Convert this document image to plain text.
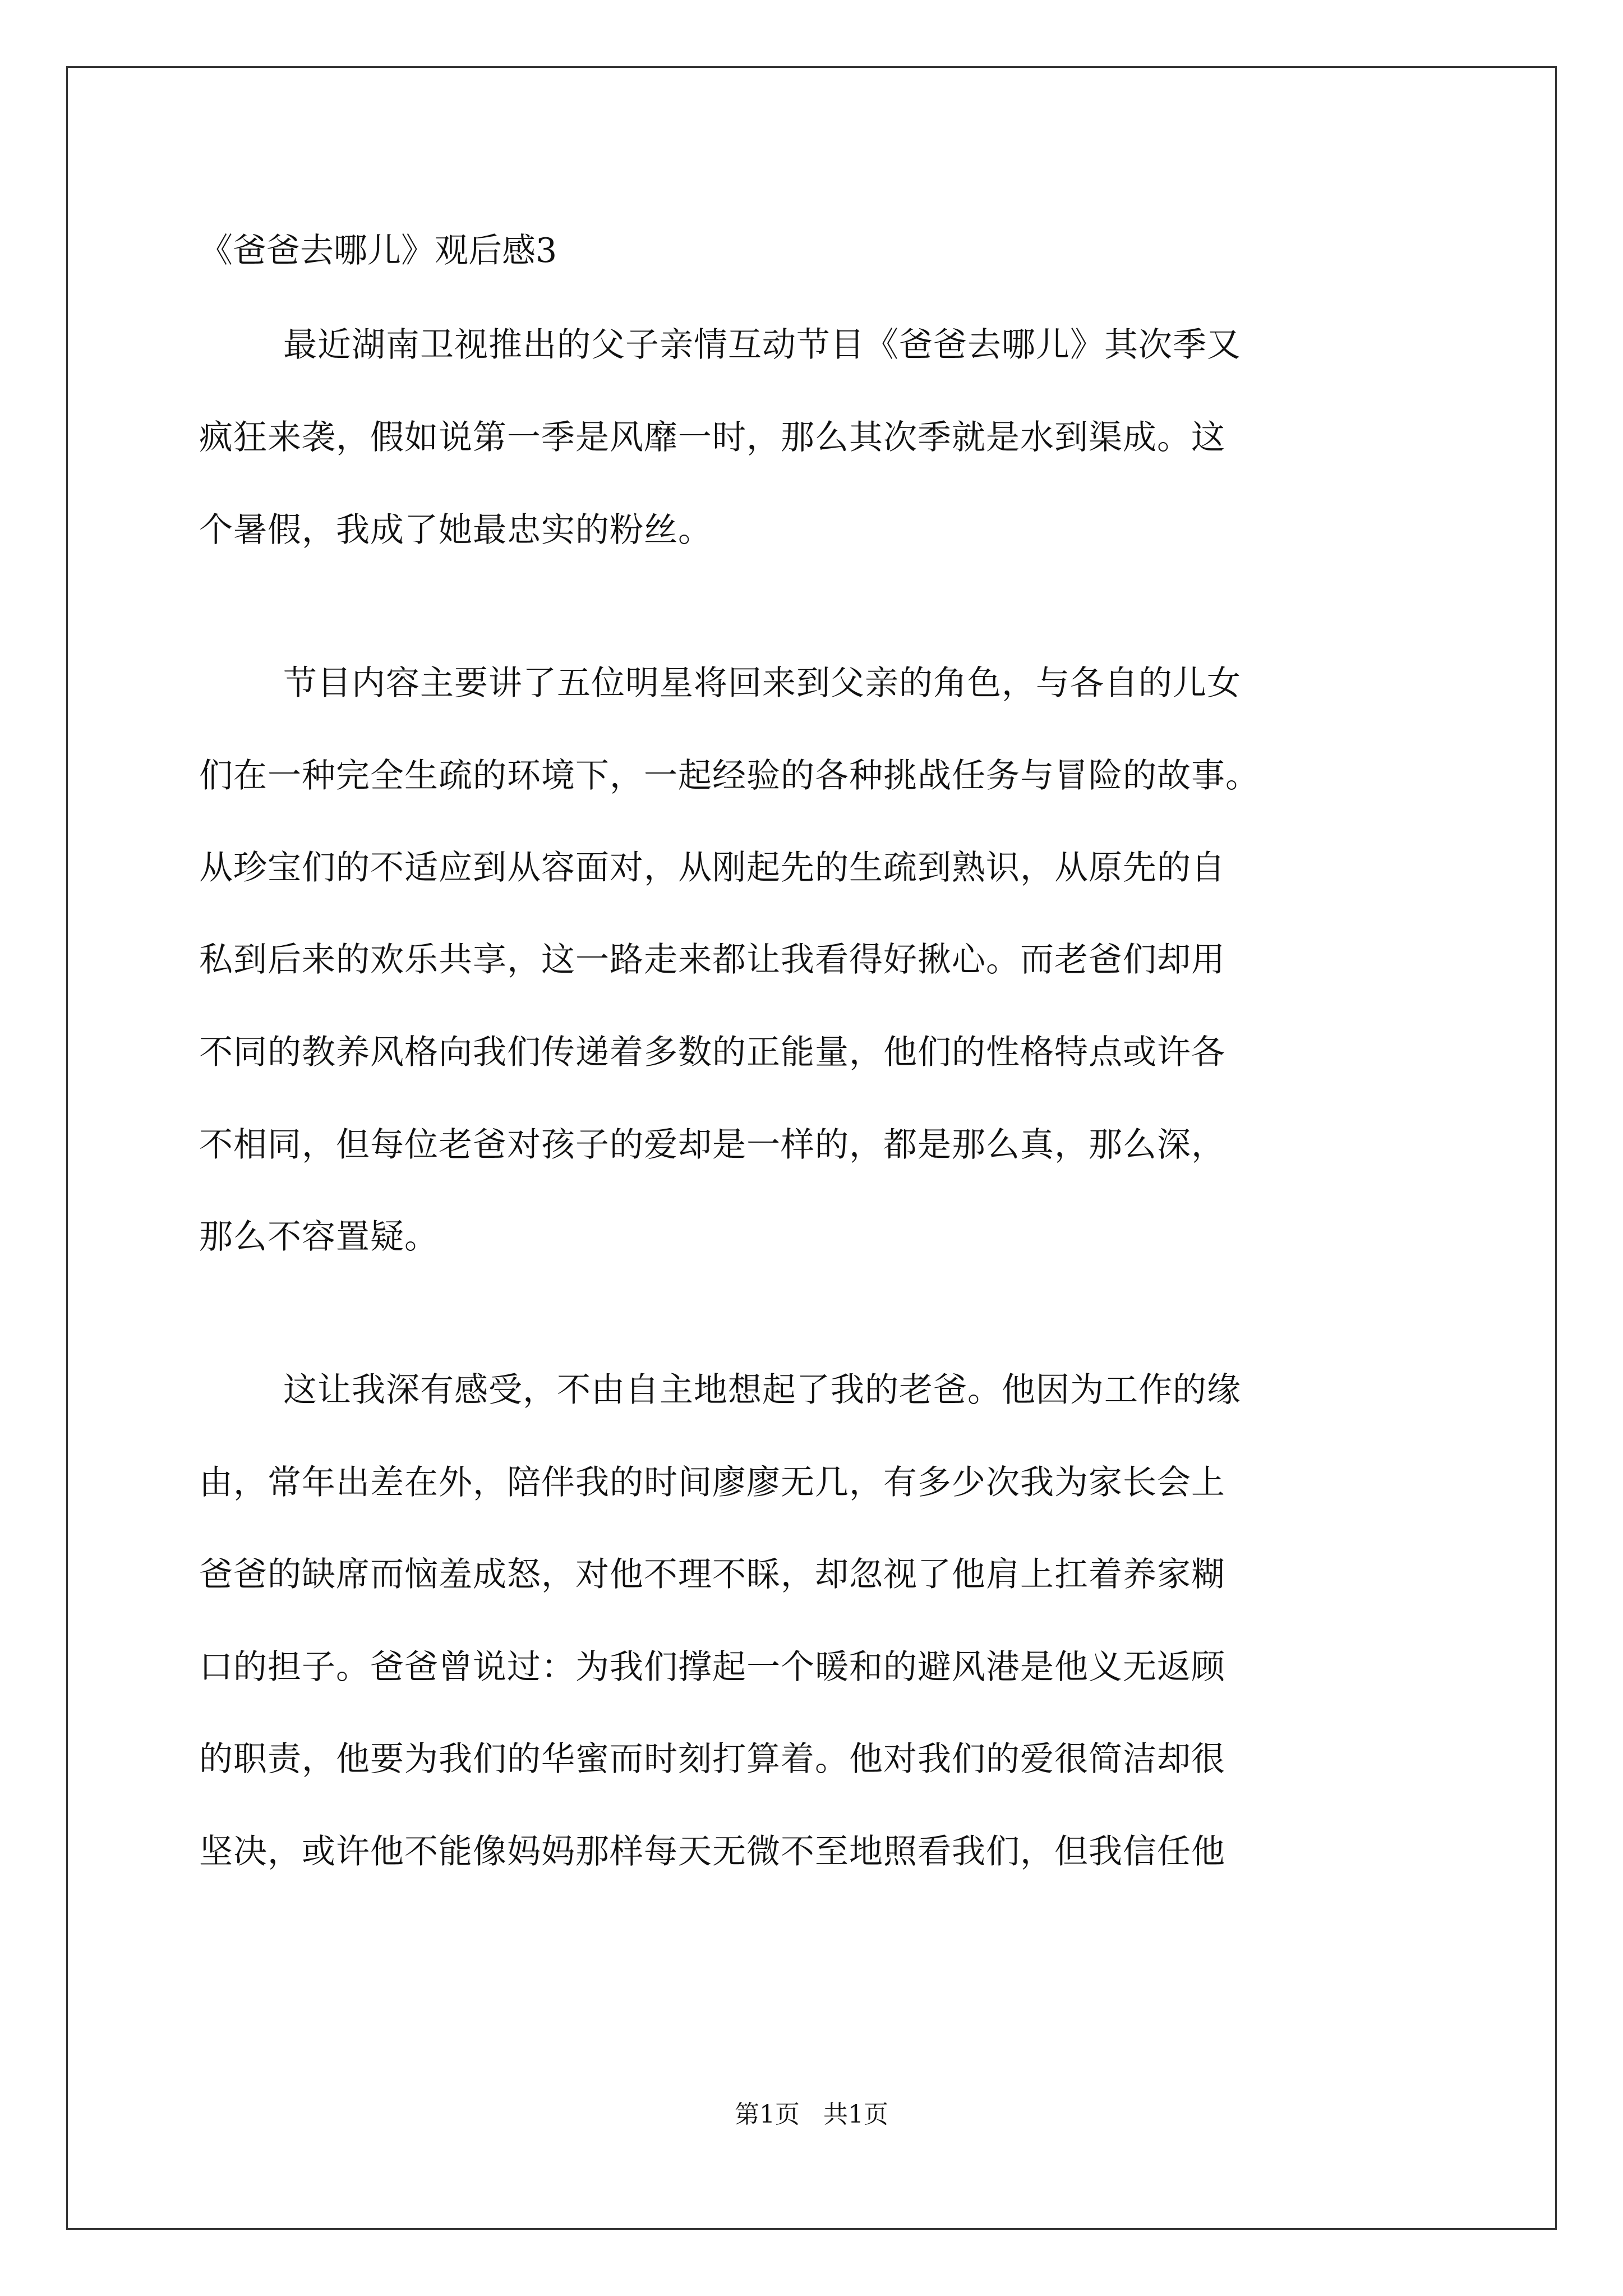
《爸爸去哪儿》观后感3
最近湖南卫视推出的父子亲情互动节目《爸爸去哪儿》其次季又
疯狂来袭，假如说第一季是风靡一时，那么其次季就是水到渠成。这
个暑假，我成了她最忠实的粉丝。
节目内容主要讲了五位明星将回来到父亲的角色，与各自的儿女
们在一种完全生疏的环境下，一起经验的各种挑战任务与冒险的故事。
从珍宝们的不适应到从容面对，从刚起先的生疏到熟识，从原先的自
私到后来的欢乐共享，这一路走来都让我看得好揪心。而老爸们却用
不同的教养风格向我们传递着多数的正能量，他们的性格特点或许各
不相同，但每位老爸对孩子的爱却是一样的，都是那么真，那么深，
那么不容置疑。
这让我深有感受，不由自主地想起了我的老爸。他因为工作的缘
由，常年出差在外，陪伴我的时间廖廖无几，有多少次我为家长会上
爸爸的缺席而恼羞成怒，对他不理不睬，却忽视了他肩上扛着养家糊
口的担子。爸爸曾说过：为我们撑起一个暖和的避风港是他义无返顾
的职责，他要为我们的华蜜而时刻打算着。他对我们的爱很简洁却很
坚决，或许他不能像妈妈那样每天无微不至地照看我们，但我信任他
第1页   共1页
